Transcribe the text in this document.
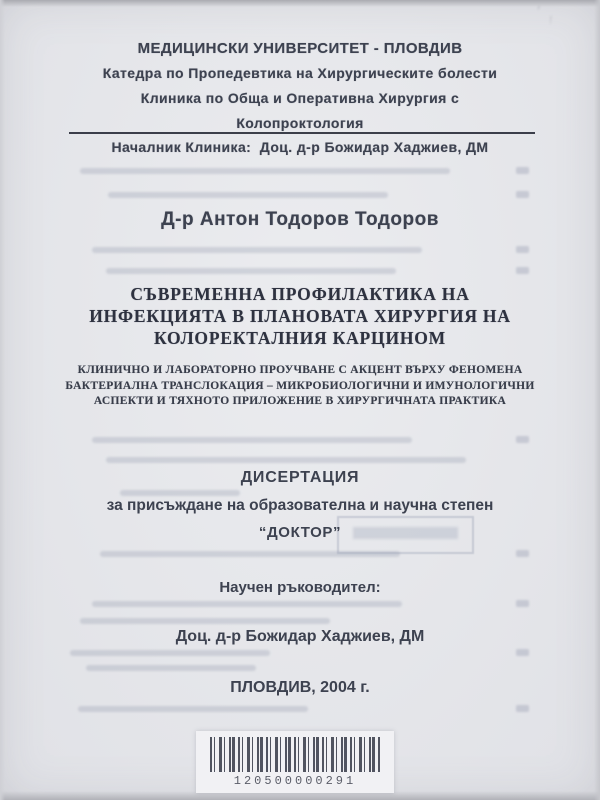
МЕДИЦИНСКИ УНИВЕРСИТЕТ - ПЛОВДИВ
Катедра по Пропедевтика на Хирургическите болести
Клиника по Обща и Оперативна Хирургия с
Колопроктология
Началник Клиника:  Доц. д-р Божидар Хаджиев, ДМ
Д-р Антон Тодоров Тодоров
СЪВРЕМЕННА ПРОФИЛАКТИКА НА ИНФЕКЦИЯТА В ПЛАНОВАТА ХИРУРГИЯ НА КОЛОРЕКТАЛНИЯ КАРЦИНОМ
КЛИНИЧНО И ЛАБОРАТОРНО ПРОУЧВАНЕ С АКЦЕНТ ВЪРХУ ФЕНОМЕНА БАКТЕРИАЛНА ТРАНСЛОКАЦИЯ – МИКРОБИОЛОГИЧНИ И ИМУНОЛОГИЧНИ АСПЕКТИ И ТЯХНОТО ПРИЛОЖЕНИЕ В ХИРУРГИЧНАТА ПРАКТИКА
ДИСЕРТАЦИЯ
за присъждане на образователна и научна степен
“ДОКТОР”
Научен ръководител:
Доц. д-р Божидар Хаджиев, ДМ
ПЛОВДИВ, 2004 г.
120500000291
